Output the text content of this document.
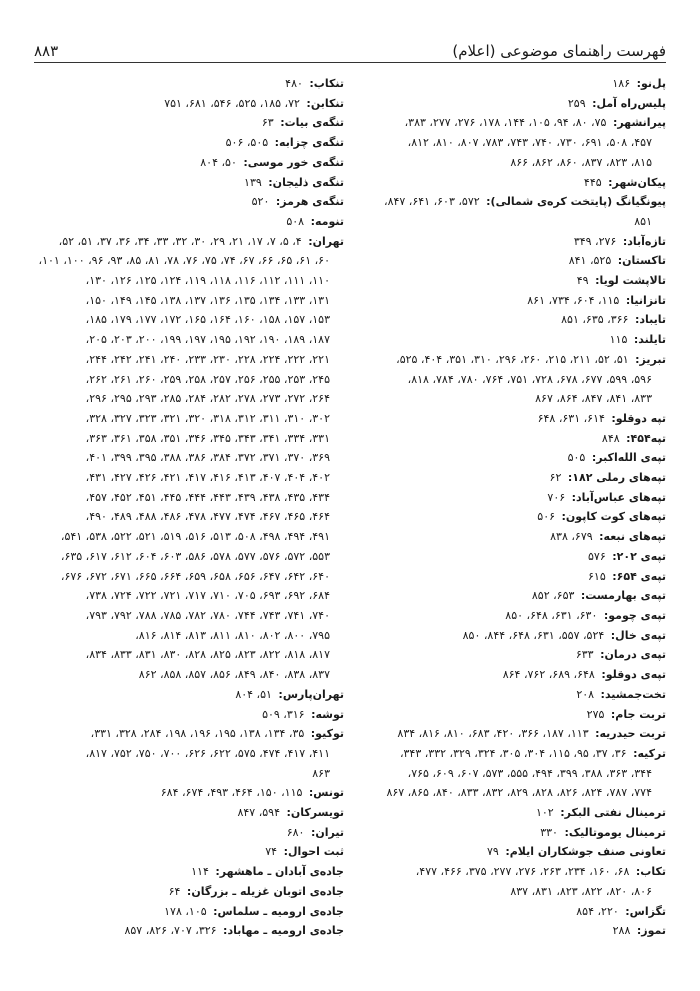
۸۸۳	فهرست راهنمای موضوعی (اعلام)

پل‌نو: ۱۸۶

پلیس‌راه آمل: ۲۵۹

پیرانشهر: ۷۵، ۸۰، ۹۴، ۱۰۵، ۱۴۴، ۱۷۸، ۲۷۶، ۲۷۷، ۳۸۳،
۴۵۷، ۵۰۸، ۶۹۱، ۷۳۰، ۷۴۰، ۷۴۳، ۷۸۳، ۸۰۷، ۸۱۰، ۸۱۲،
۸۱۵، ۸۲۳، ۸۳۷، ۸۶۰، ۸۶۲، ۸۶۶

پیکان‌شهر: ۴۴۵

پیونگیانگ (پایتخت کره‌ی شمالی): ۵۷۲، ۶۰۳، ۶۴۱، ۸۴۷،
۸۵۱

تازه‌آباد: ۲۷۶، ۳۴۹

تاکستان: ۵۲۵، ۸۴۱

تالاپشت لویا: ۴۹

تانزانیا: ۱۱۵، ۶۰۴، ۷۳۴، ۸۶۱

تایباد: ۳۶۶، ۶۳۵، ۸۵۱

تایلند: ۱۱۵

تبریز: ۵۱، ۵۲، ۲۱۱، ۲۱۵، ۲۶۰، ۲۹۶، ۳۱۰، ۳۵۱، ۴۰۴، ۵۲۵،
۵۹۶، ۵۹۹، ۶۷۷، ۶۷۸، ۷۲۸، ۷۵۱، ۷۶۴، ۷۸۰، ۷۸۴، ۸۱۸،
۸۳۳، ۸۴۱، ۸۴۷، ۸۶۴، ۸۶۷

تپه دوقلو: ۶۱۴، ۶۳۱، ۶۴۸

تپه۴۵۴: ۸۴۸

تپه‌ی الله‌اکبر: ۵۰۵

تپه‌های رملی ۱۸۲: ۶۲

تپه‌های عباس‌آباد: ۷۰۶

تپه‌های کوت کاپون: ۵۰۶

تپه‌های نبعه: ۶۷۹، ۸۳۸

تپه‌ی ۲۰۲: ۵۷۶

تپه‌ی ۶۵۴: ۶۱۵

تپه‌ی بهارمست: ۶۵۳، ۸۵۲

تپه‌ی چومو: ۶۳۰، ۶۳۱، ۶۴۸، ۸۵۰

تپه‌ی خال: ۵۲۴، ۵۵۷، ۶۳۱، ۶۴۸، ۸۴۴، ۸۵۰

تپه‌ی درمان: ۶۳۳

تپه‌ی دوقلو: ۶۴۸، ۶۸۹، ۷۶۲، ۸۶۴

تخت‌جمشید: ۲۰۸

تربت جام: ۲۷۵

تربت حیدریه: ۱۱۳، ۱۸۷، ۳۶۶، ۴۲۰، ۶۸۳، ۸۱۰، ۸۱۶، ۸۳۴

ترکیه: ۳۶، ۳۷، ۹۵، ۱۱۵، ۳۰۴، ۳۰۵، ۳۲۴، ۳۲۹، ۳۳۲، ۳۴۳،
۳۴۴، ۳۶۳، ۳۸۸، ۳۹۹، ۴۹۴، ۵۵۵، ۵۷۳، ۶۰۷، ۶۰۹، ۷۶۵،
۷۷۴، ۷۸۷، ۸۲۴، ۸۲۶، ۸۲۸، ۸۲۹، ۸۳۲، ۸۳۳، ۸۴۰، ۸۶۵، ۸۶۷

ترمینال نفتی البکر: ۱۰۲

ترمینال یوموتالیک: ۳۳۰

تعاونی صنف جوشکاران ایلام: ۷۹

تکاب: ۶۸، ۱۶۰، ۲۳۴، ۲۶۳، ۲۷۶، ۲۷۷، ۳۷۵، ۴۶۶، ۴۷۷،
۸۰۶، ۸۲۰، ۸۲۲، ۸۲۳، ۸۳۱، ۸۳۷

تگزاس: ۲۲۰، ۸۵۴

تموز: ۲۸۸

تنکاب: ۴۸۰

تنکابن: ۷۲، ۱۸۵، ۵۲۵، ۵۴۶، ۶۸۱، ۷۵۱

تنگه‌ی بیات: ۶۳

تنگه‌ی چزابه: ۵۰۵، ۵۰۶

تنگه‌ی خور موسی: ۵۰، ۸۰۴

تنگه‌ی ذلیجان: ۱۳۹

تنگه‌ی هرمز: ۵۲۰

تنومه: ۵۰۸

تهران: ۴، ۵، ۷، ۱۷، ۲۱، ۲۹، ۳۰، ۳۲، ۳۳، ۳۴، ۳۶، ۳۷، ۵۱، ۵۲،
۶۰، ۶۱، ۶۵، ۶۶، ۶۷، ۷۴، ۷۵، ۷۶، ۷۸، ۸۱، ۸۵، ۹۳، ۹۶، ۱۰۰، ۱۰۱،
۱۱۰، ۱۱۱، ۱۱۲، ۱۱۶، ۱۱۸، ۱۱۹، ۱۲۴، ۱۲۵، ۱۲۶، ۱۳۰،
۱۳۱، ۱۳۳، ۱۳۴، ۱۳۵، ۱۳۶، ۱۳۷، ۱۳۸، ۱۴۵، ۱۴۹، ۱۵۰،
۱۵۳، ۱۵۷، ۱۵۸، ۱۶۰، ۱۶۴، ۱۶۵، ۱۷۲، ۱۷۷، ۱۷۹، ۱۸۵،
۱۸۷، ۱۸۹، ۱۹۰، ۱۹۲، ۱۹۵، ۱۹۷، ۱۹۹، ۲۰۰، ۲۰۳، ۲۰۵،
۲۲۱، ۲۲۲، ۲۲۴، ۲۲۸، ۲۳۰، ۲۳۳، ۲۴۰، ۲۴۱، ۲۴۲، ۲۴۴،
۲۴۵، ۲۵۳، ۲۵۵، ۲۵۶، ۲۵۷، ۲۵۸، ۲۵۹، ۲۶۰، ۲۶۱، ۲۶۲،
۲۶۴، ۲۷۲، ۲۷۳، ۲۷۸، ۲۸۲، ۲۸۴، ۲۸۵، ۲۹۳، ۲۹۵، ۲۹۶،
۳۰۲، ۳۱۰، ۳۱۱، ۳۱۲، ۳۱۸، ۳۲۰، ۳۲۱، ۳۲۳، ۳۲۷، ۳۲۸،
۳۳۱، ۳۳۴، ۳۴۱، ۳۴۳، ۳۴۵، ۳۴۶، ۳۵۱، ۳۵۸، ۳۶۱، ۳۶۳،
۳۶۹، ۳۷۰، ۳۷۱، ۳۷۲، ۳۸۴، ۳۸۶، ۳۸۸، ۳۹۵، ۳۹۹، ۴۰۱،
۴۰۲، ۴۰۴، ۴۰۷، ۴۱۳، ۴۱۶، ۴۱۷، ۴۲۱، ۴۲۶، ۴۲۷، ۴۳۱،
۴۳۴، ۴۳۵، ۴۳۸، ۴۳۹، ۴۴۳، ۴۴۴، ۴۴۵، ۴۵۱، ۴۵۲، ۴۵۷،
۴۶۴، ۴۶۵، ۴۶۷، ۴۷۴، ۴۷۷، ۴۷۸، ۴۸۶، ۴۸۸، ۴۸۹، ۴۹۰،
۴۹۱، ۴۹۴، ۴۹۸، ۵۰۸، ۵۱۳، ۵۱۶، ۵۱۹، ۵۲۱، ۵۲۲، ۵۳۸، ۵۴۱،
۵۵۳، ۵۷۲، ۵۷۶، ۵۷۷، ۵۷۸، ۵۸۶، ۶۰۳، ۶۰۴، ۶۱۲، ۶۱۷، ۶۳۵،
۶۴۰، ۶۴۲، ۶۴۷، ۶۵۶، ۶۵۸، ۶۵۹، ۶۶۴، ۶۶۵، ۶۷۱، ۶۷۲، ۶۷۶،
۶۸۴، ۶۹۲، ۶۹۳، ۷۰۵، ۷۱۰، ۷۱۷، ۷۲۱، ۷۲۲، ۷۲۴، ۷۳۸،
۷۴۰، ۷۴۱، ۷۴۳، ۷۴۴، ۷۸۰، ۷۸۲، ۷۸۵، ۷۸۸، ۷۹۲، ۷۹۳،
۷۹۵، ۸۰۰، ۸۰۲، ۸۱۰، ۸۱۱، ۸۱۳، ۸۱۴، ۸۱۶،
۸۱۷، ۸۱۸، ۸۲۲، ۸۲۳، ۸۲۵، ۸۲۸، ۸۳۰، ۸۳۱، ۸۳۳، ۸۳۴،
۸۳۷، ۸۳۸، ۸۴۰، ۸۴۹، ۸۵۶، ۸۵۷، ۸۵۸، ۸۶۲

تهران‌پارس: ۵۱، ۸۰۴

توشه: ۳۱۶، ۵۰۹

توکیو: ۳۵، ۱۳۴، ۱۳۸، ۱۹۵، ۱۹۶، ۱۹۸، ۲۸۴، ۳۲۸، ۳۳۱،
۴۱۱، ۴۱۷، ۴۷۴، ۵۷۵، ۶۲۲، ۶۲۶، ۷۰۰، ۷۵۰، ۷۵۲، ۸۱۷،
۸۶۳

تونس: ۱۱۵، ۱۵۰، ۴۶۴، ۴۹۳، ۶۷۴، ۶۸۴

تویسرکان: ۵۹۴، ۸۴۷

تیران: ۶۸۰

ثبت احوال: ۷۴

جاده‌ی آبادان ـ ماهشهر: ۱۱۴

جاده‌ی اتوبان غزیله ـ بزرگان: ۶۴

جاده‌ی ارومیه ـ سلماس: ۱۰۵، ۱۷۸

جاده‌ی ارومیه ـ مهاباد: ۳۲۶، ۷۰۷، ۸۲۶، ۸۵۷
